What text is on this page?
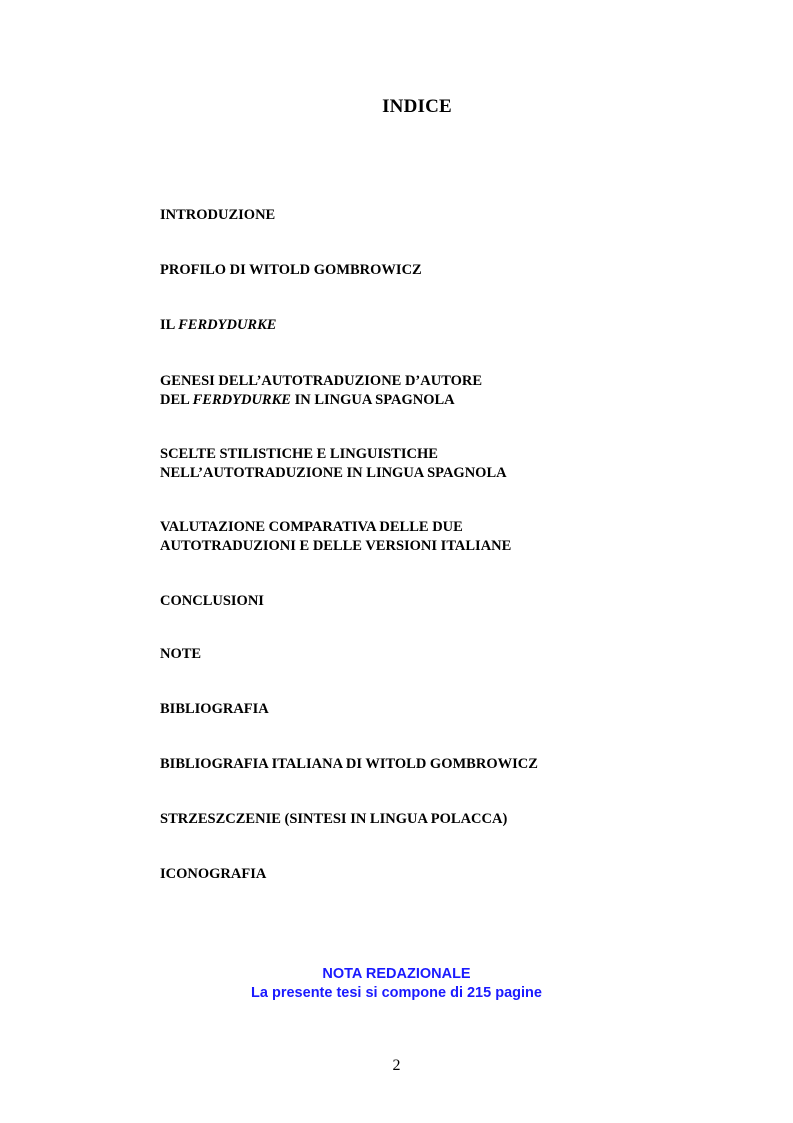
INDICE
INTRODUZIONE
PROFILO DI WITOLD GOMBROWICZ
IL FERDYDURKE
GENESI DELL’AUTOTRADUZIONE D’AUTORE
DEL FERDYDURKE IN LINGUA SPAGNOLA
SCELTE STILISTICHE E LINGUISTICHE
NELL’AUTOTRADUZIONE IN LINGUA SPAGNOLA
VALUTAZIONE COMPARATIVA DELLE DUE
AUTOTRADUZIONI E DELLE VERSIONI ITALIANE
CONCLUSIONI
NOTE
BIBLIOGRAFIA
BIBLIOGRAFIA ITALIANA DI WITOLD GOMBROWICZ
STRZESZCZENIE (SINTESI IN LINGUA POLACCA)
ICONOGRAFIA
NOTA REDAZIONALE
La presente tesi si compone di 215 pagine
2
